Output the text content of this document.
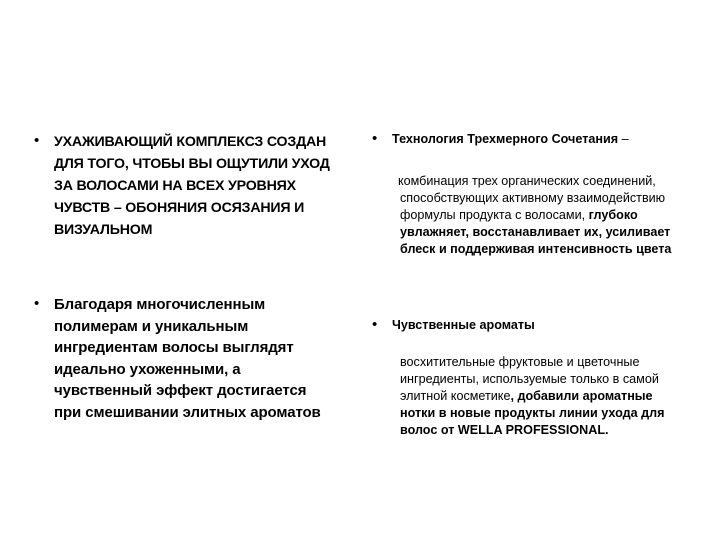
•	УХАЖИВАЮЩИЙ КОМПЛЕКСЗ СОЗДАН ДЛЯ ТОГО, ЧТОБЫ ВЫ ОЩУТИЛИ УХОД ЗА ВОЛОСАМИ НА ВСЕХ УРОВНЯХ ЧУВСТВ – ОБОНЯНИЯ ОСЯЗАНИЯ И ВИЗУАЛЬНОМ
• Благодаря многочисленным полимерам и уникальным ингредиентам волосы выглядят идеально ухоженными, а чувственный эффект достигается при смешивании элитных ароматов
•	Технология Трехмерного Сочетания –
комбинация трех органических соединений, способствующих активному взаимодействию формулы продукта с волосами, глубоко увлажняет, восстанавливает их, усиливает блеск и поддерживая интенсивность цвета
•	Чувственные ароматы
восхитительные фруктовые и цветочные ингредиенты, используемые только в самой элитной косметике, добавили ароматные нотки в новые продукты линии ухода для волос от WELLA PROFESSIONAL.
